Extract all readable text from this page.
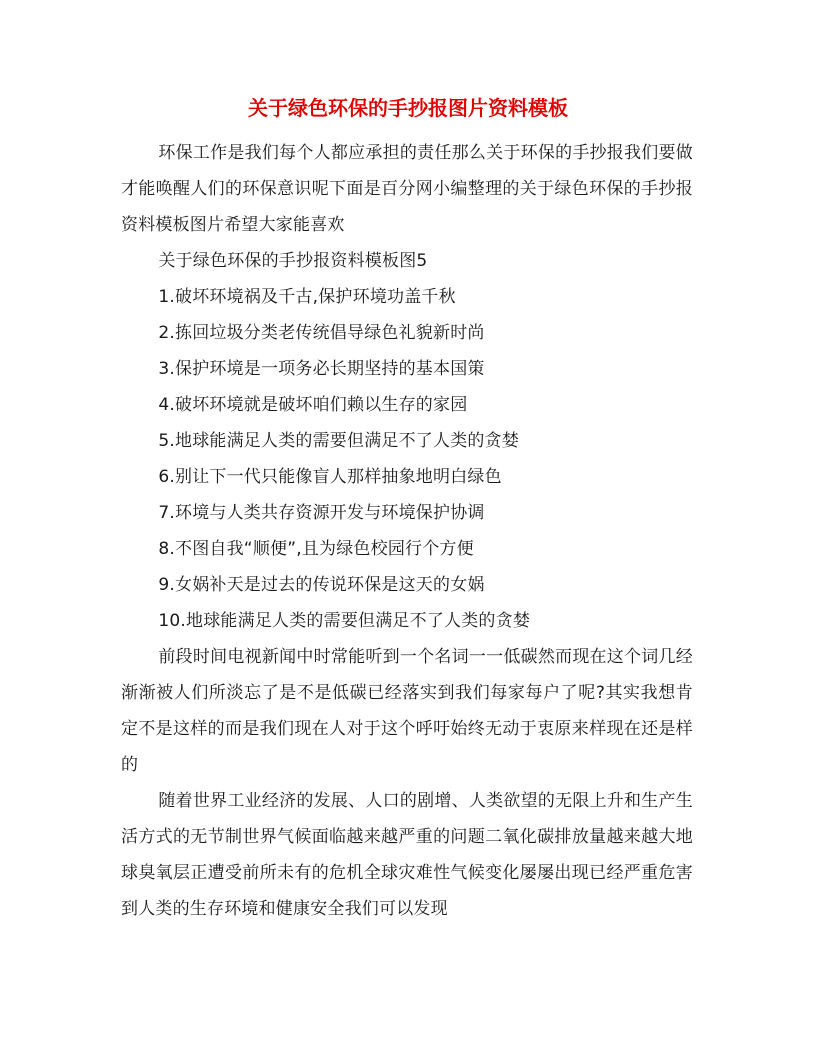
关于绿色环保的手抄报图片资料模板

环保工作是我们每个人都应承担的责任那么关于环保的手抄报我们要做才能唤醒人们的环保意识呢下面是百分网小编整理的关于绿色环保的手抄报资料模板图片希望大家能喜欢

关于绿色环保的手抄报资料模板图5
1.破坏环境祸及千古,保护环境功盖千秋
2.拣回垃圾分类老传统倡导绿色礼貌新时尚
3.保护环境是一项务必长期坚持的基本国策
4.破坏环境就是破坏咱们赖以生存的家园
5.地球能满足人类的需要但满足不了人类的贪婪
6.别让下一代只能像盲人那样抽象地明白绿色
7.环境与人类共存资源开发与环境保护协调
8.不图自我“顺便”,且为绿色校园行个方便
9.女娲补天是过去的传说环保是这天的女娲
10.地球能满足人类的需要但满足不了人类的贪婪

前段时间电视新闻中时常能听到一个名词一一低碳然而现在这个词几经渐渐被人们所淡忘了是不是低碳已经落实到我们每家每户了呢?其实我想肯定不是这样的而是我们现在人对于这个呼吁始终无动于衷原来样现在还是样的

随着世界工业经济的发展、人口的剧增、人类欲望的无限上升和生产生活方式的无节制世界气候面临越来越严重的问题二氧化碳排放量越来越大地球臭氧层正遭受前所未有的危机全球灾难性气候变化屡屡出现已经严重危害到人类的生存环境和健康安全我们可以发现
